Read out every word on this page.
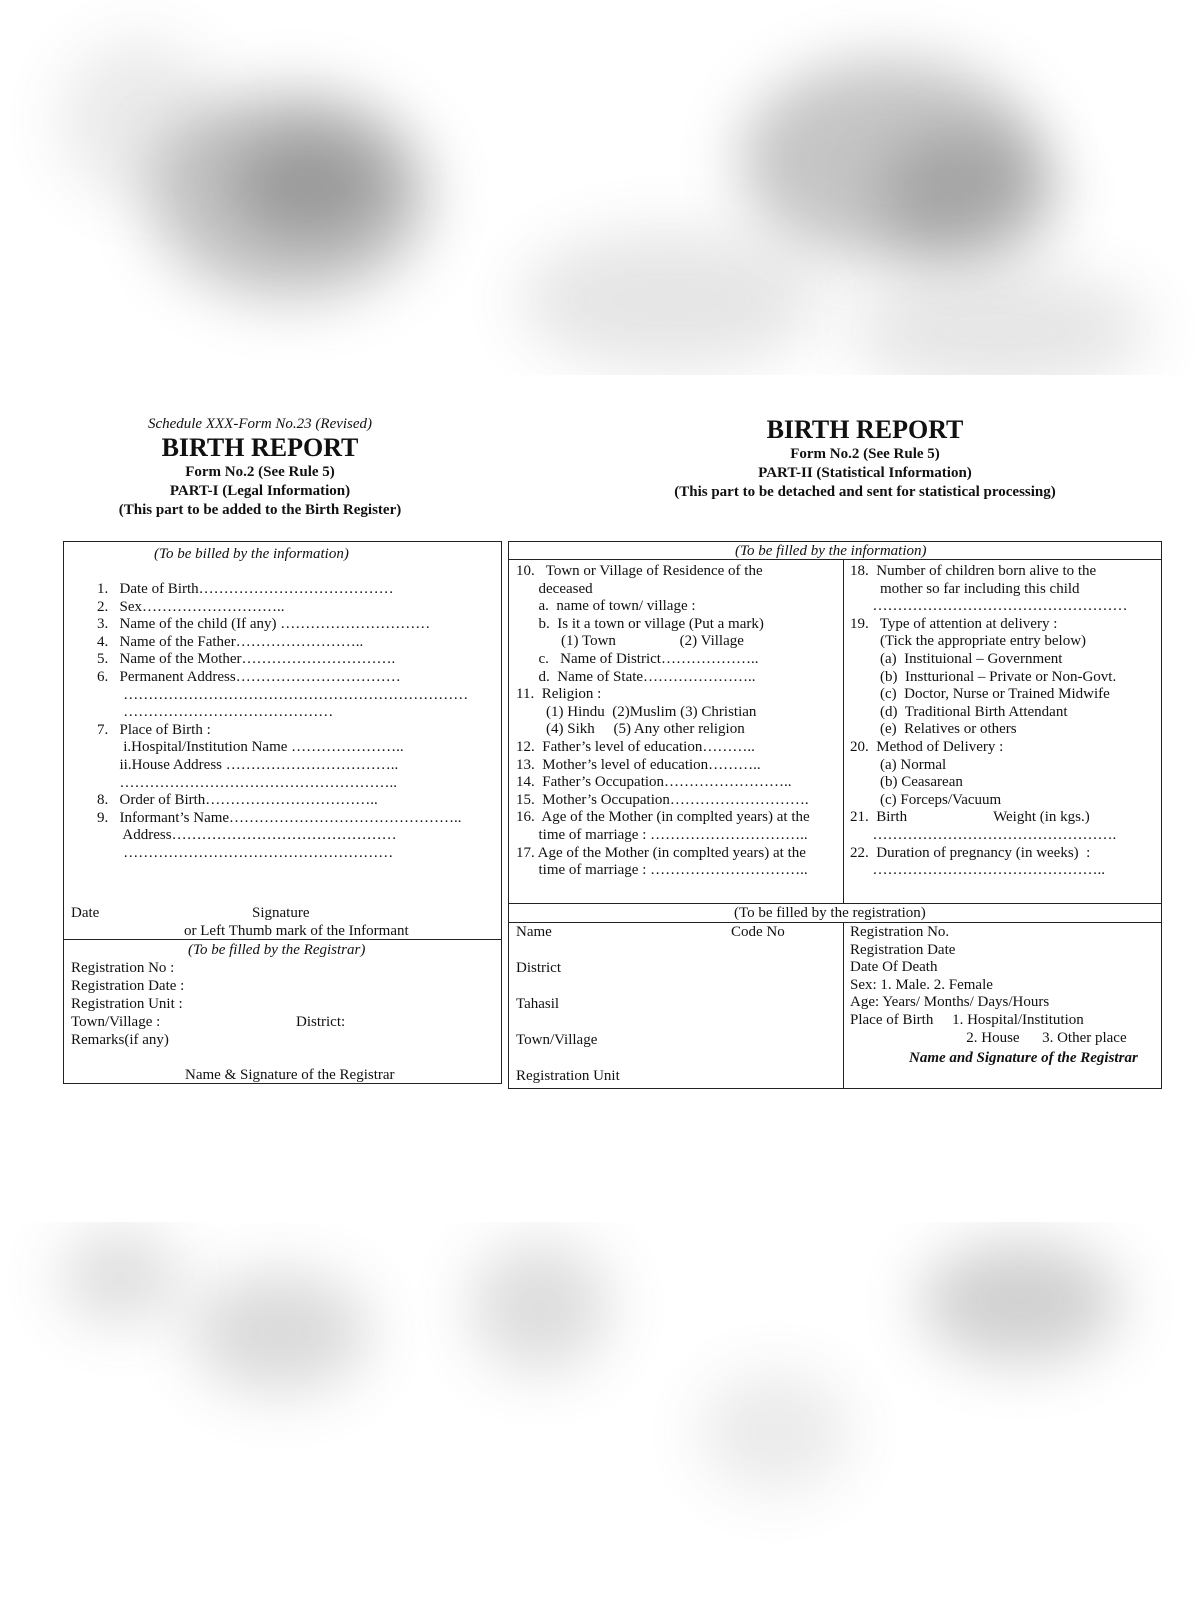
Schedule XXX-Form No.23 (Revised)
BIRTH REPORT
Form No.2 (See Rule 5)
PART-I (Legal Information)
(This part to be added to the Birth Register)
BIRTH REPORT
Form No.2 (See Rule 5)
PART-II (Statistical Information)
(This part to be detached and sent for statistical processing)
(To be billed by the information)
1.   Date of Birth…………………………………
2.   Sex………………………..
3.   Name of the child (If any) …………………………
4.   Name of the Father……………………..
5.   Name of the Mother………………………….
6.   Permanent Address……………………………
……………………………………………………………
……………………………………
7.   Place of Birth :
i.Hospital/Institution Name …………………..
ii.House Address ……………………………..
………………………………………………..
8.   Order of Birth……………………………..
9.   Informant’s Name………………………………………..
Address………………………………………
………………………………………………
Date	Signature
or Left Thumb mark of the Informant
(To be filled by the Registrar)
Registration No :
Registration Date :
Registration Unit :
Town/Village :	District:
Remarks(if any)
Name & Signature of the Registrar
(To be filled by the information)
10.   Town or Village of Residence of the
deceased
a.  name of town/ village :
b.  Is it a town or village (Put a mark)
(1) Town                 (2) Village
c.   Name of District………………..
d.  Name of State…………………..
11.  Religion :
(1) Hindu  (2)Muslim (3) Christian
(4) Sikh     (5) Any other religion
12.  Father’s level of education………..
13.  Mother’s level of education………..
14.  Father’s Occupation……………………..
15.  Mother’s Occupation……………………….
16.  Age of the Mother (in complted years) at the
time of marriage : …………………………..
17. Age of the Mother (in complted years) at the
time of marriage : …………………………..
18.  Number of children born alive to the
mother so far including this child
……………………………………………
19.   Type of attention at delivery :
(Tick the appropriate entry below)
(a)  Instituional – Government
(b)  Instturional – Private or Non-Govt.
(c)  Doctor, Nurse or Trained Midwife
(d)  Traditional Birth Attendant
(e)  Relatives or others
20.  Method of Delivery :
(a) Normal
(b) Ceasarean
(c) Forceps/Vacuum
21.  Birth                       Weight (in kgs.)
………………………………………….
22.  Duration of pregnancy (in weeks)  :
………………………………………..
(To be filled by the registration)
Name	Code No
District
Tahasil
Town/Village
Registration Unit
Registration No.
Registration Date
Date Of Death
Sex: 1. Male. 2. Female
Age: Years/ Months/ Days/Hours
Place of Birth     1. Hospital/Institution
2. House      3. Other place
Name and Signature of the Registrar
